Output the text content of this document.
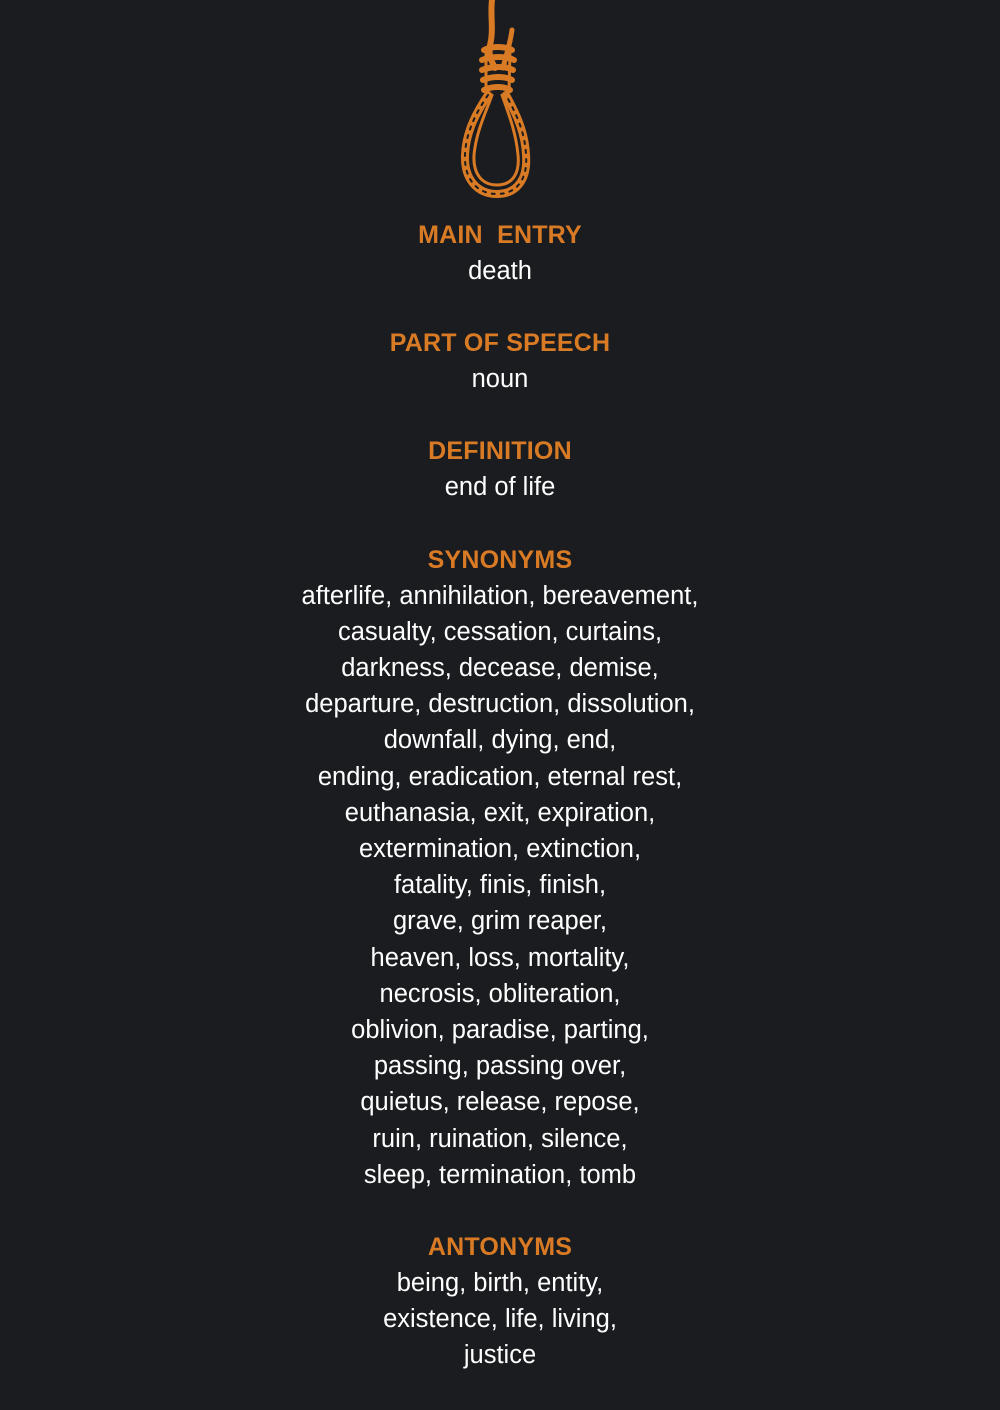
MAIN  ENTRY
death
PART OF SPEECH
noun
DEFINITION
end of life
SYNONYMS
afterlife, annihilation, bereavement,
casualty, cessation, curtains,
darkness, decease, demise,
departure, destruction, dissolution,
downfall, dying, end,
ending, eradication, eternal rest,
euthanasia, exit, expiration,
extermination, extinction,
fatality, finis, finish,
grave, grim reaper,
heaven, loss, mortality,
necrosis, obliteration,
oblivion, paradise, parting,
passing, passing over,
quietus, release, repose,
ruin, ruination, silence,
sleep, termination, tomb
ANTONYMS
being, birth, entity,
existence, life, living,
justice
